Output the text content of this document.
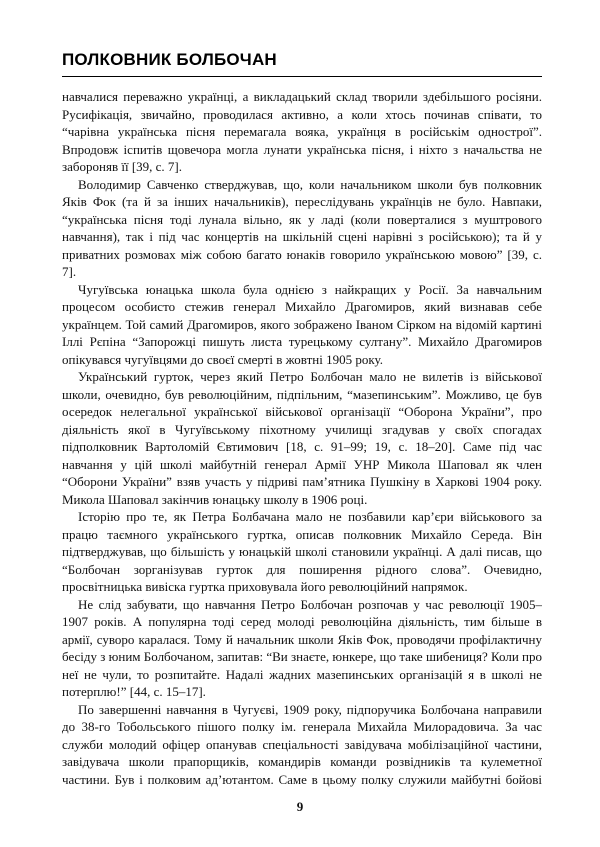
ПОЛКОВНИК БОЛБОЧАН

навчалися переважно українці, а викладацький склад творили здебільшого росіяни. Русифікація, звичайно, проводилася активно, а коли хтось починав співати, то “чарівна українська пісня перемагала вояка, українця в російськім однострої”. Впродовж іспитів щовечора могла лунати українська пісня, і ніхто з начальства не забороняв її [39, с. 7].

Володимир Савченко стверджував, що, коли начальником школи був полковник Яків Фок (та й за інших начальників), переслідувань українців не було. Навпаки, “українська пісня тоді лунала вільно, як у ладі (коли поверталися з муштрового навчання), так і під час концертів на шкільній сцені нарівні з російською); та й у приватних розмовах між собою багато юнаків говорило українською мовою” [39, с. 7].

Чугуївська юнацька школа була однією з найкращих у Росії. За навчальним процесом особисто стежив генерал Михайло Драгомиров, який визнавав себе українцем. Той самий Драгомиров, якого зображено Іваном Сірком на відомій картині Іллі Рєпіна “Запорожці пишуть листа турецькому султану”. Михайло Драгомиров опікувався чугуївцями до своєї смерті в жовтні 1905 року.

Український гурток, через який Петро Болбочан мало не вилетів із військової школи, очевидно, був революційним, підпільним, “мазепинським”. Можливо, це був осередок нелегальної української військової організації “Оборона України”, про діяльність якої в Чугуївському піхотному училищі згадував у своїх спогадах підполковник Вартоломій Євтимович [18, с. 91–99; 19, с. 18–20]. Саме під час навчання у цій школі майбутній генерал Армії УНР Микола Шаповал як член “Оборони України” взяв участь у підриві пам’ятника Пушкіну в Харкові 1904 року. Микола Шаповал закінчив юнацьку школу в 1906 році.

Історію про те, як Петра Болбачана мало не позбавили кар’єри військового за працю таємного українського гуртка, описав полковник Михайло Середа. Він підтверджував, що більшість у юнацькій школі становили українці. А далі писав, що “Болбочан зорганізував гурток для поширення рідного слова”. Очевидно, просвітницька вивіска гуртка приховувала його революційний напрямок.

Не слід забувати, що навчання Петро Болбочан розпочав у час революції 1905–1907 років. А популярна тоді серед молоді революційна діяльність, тим більше в армії, суворо каралася. Тому й начальник школи Яків Фок, проводячи профілактичну бесіду з юним Болбочаном, запитав: “Ви знаєте, юнкере, що таке шибениця? Коли про неї не чули, то розпитайте. Надалі жадних мазепинських організацій я в школі не потерплю!” [44, с. 15–17].

По завершенні навчання в Чугуєві, 1909 року, підпоручика Болбочана направили до 38-го Тобольського пішого полку ім. генерала Михайла Милорадовича. За час служби молодий офіцер опанував спеціальності завідувача мобілізаційної частини, завідувача школи прапорщиків, командирів команди розвідників та кулеметної частини. Був і полковим ад’ютантом. Саме в цьому полку служили майбутні бойові

9
